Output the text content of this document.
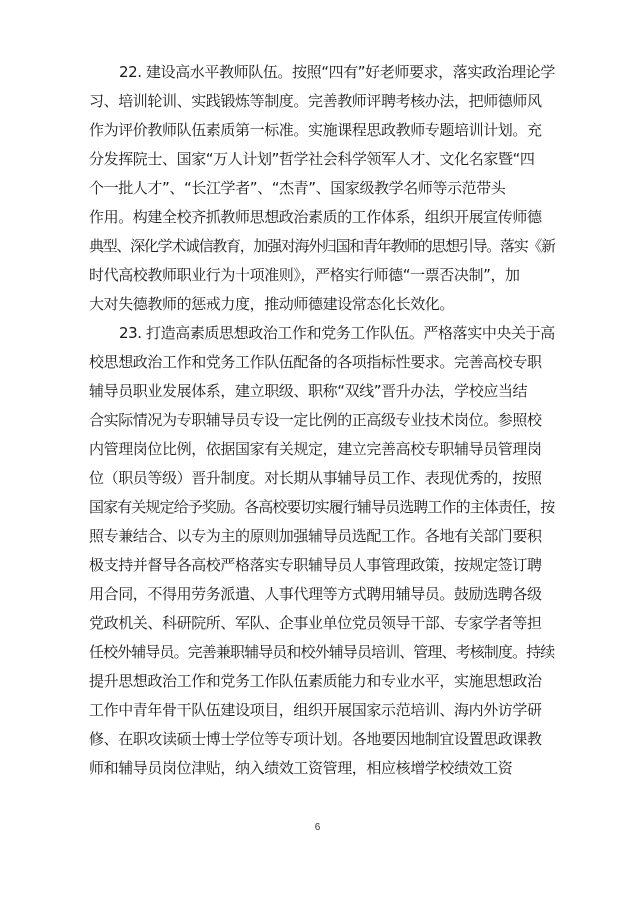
22. 建设高水平教师队伍。按照“四有”好老师要求，落实政治理论学
习、培训轮训、实践锻炼等制度。完善教师评聘考核办法，把师德师风
作为评价教师队伍素质第一标准。实施课程思政教师专题培训计划。充
分发挥院士、国家“万人计划”哲学社会科学领军人才、文化名家暨“四
个一批人才”、“长江学者”、“杰青”、国家级教学名师等示范带头
作用。构建全校齐抓教师思想政治素质的工作体系，组织开展宣传师德
典型、深化学术诚信教育，加强对海外归国和青年教师的思想引导。落实《新
时代高校教师职业行为十项准则》，严格实行师德“一票否决制”，加
大对失德教师的惩戒力度，推动师德建设常态化长效化。
23. 打造高素质思想政治工作和党务工作队伍。严格落实中央关于高
校思想政治工作和党务工作队伍配备的各项指标性要求。完善高校专职
辅导员职业发展体系，建立职级、职称“双线”晋升办法，学校应当结
合实际情况为专职辅导员专设一定比例的正高级专业技术岗位。参照校
内管理岗位比例，依据国家有关规定，建立完善高校专职辅导员管理岗
位（职员等级）晋升制度。对长期从事辅导员工作、表现优秀的，按照
国家有关规定给予奖励。各高校要切实履行辅导员选聘工作的主体责任，按
照专兼结合、以专为主的原则加强辅导员选配工作。各地有关部门要积
极支持并督导各高校严格落实专职辅导员人事管理政策，按规定签订聘
用合同，不得用劳务派遣、人事代理等方式聘用辅导员。鼓励选聘各级
党政机关、科研院所、军队、企事业单位党员领导干部、专家学者等担
任校外辅导员。完善兼职辅导员和校外辅导员培训、管理、考核制度。持续
提升思想政治工作和党务工作队伍素质能力和专业水平，实施思想政治
工作中青年骨干队伍建设项目，组织开展国家示范培训、海内外访学研
修、在职攻读硕士博士学位等专项计划。各地要因地制宜设置思政课教
师和辅导员岗位津贴，纳入绩效工资管理，相应核增学校绩效工资
6
